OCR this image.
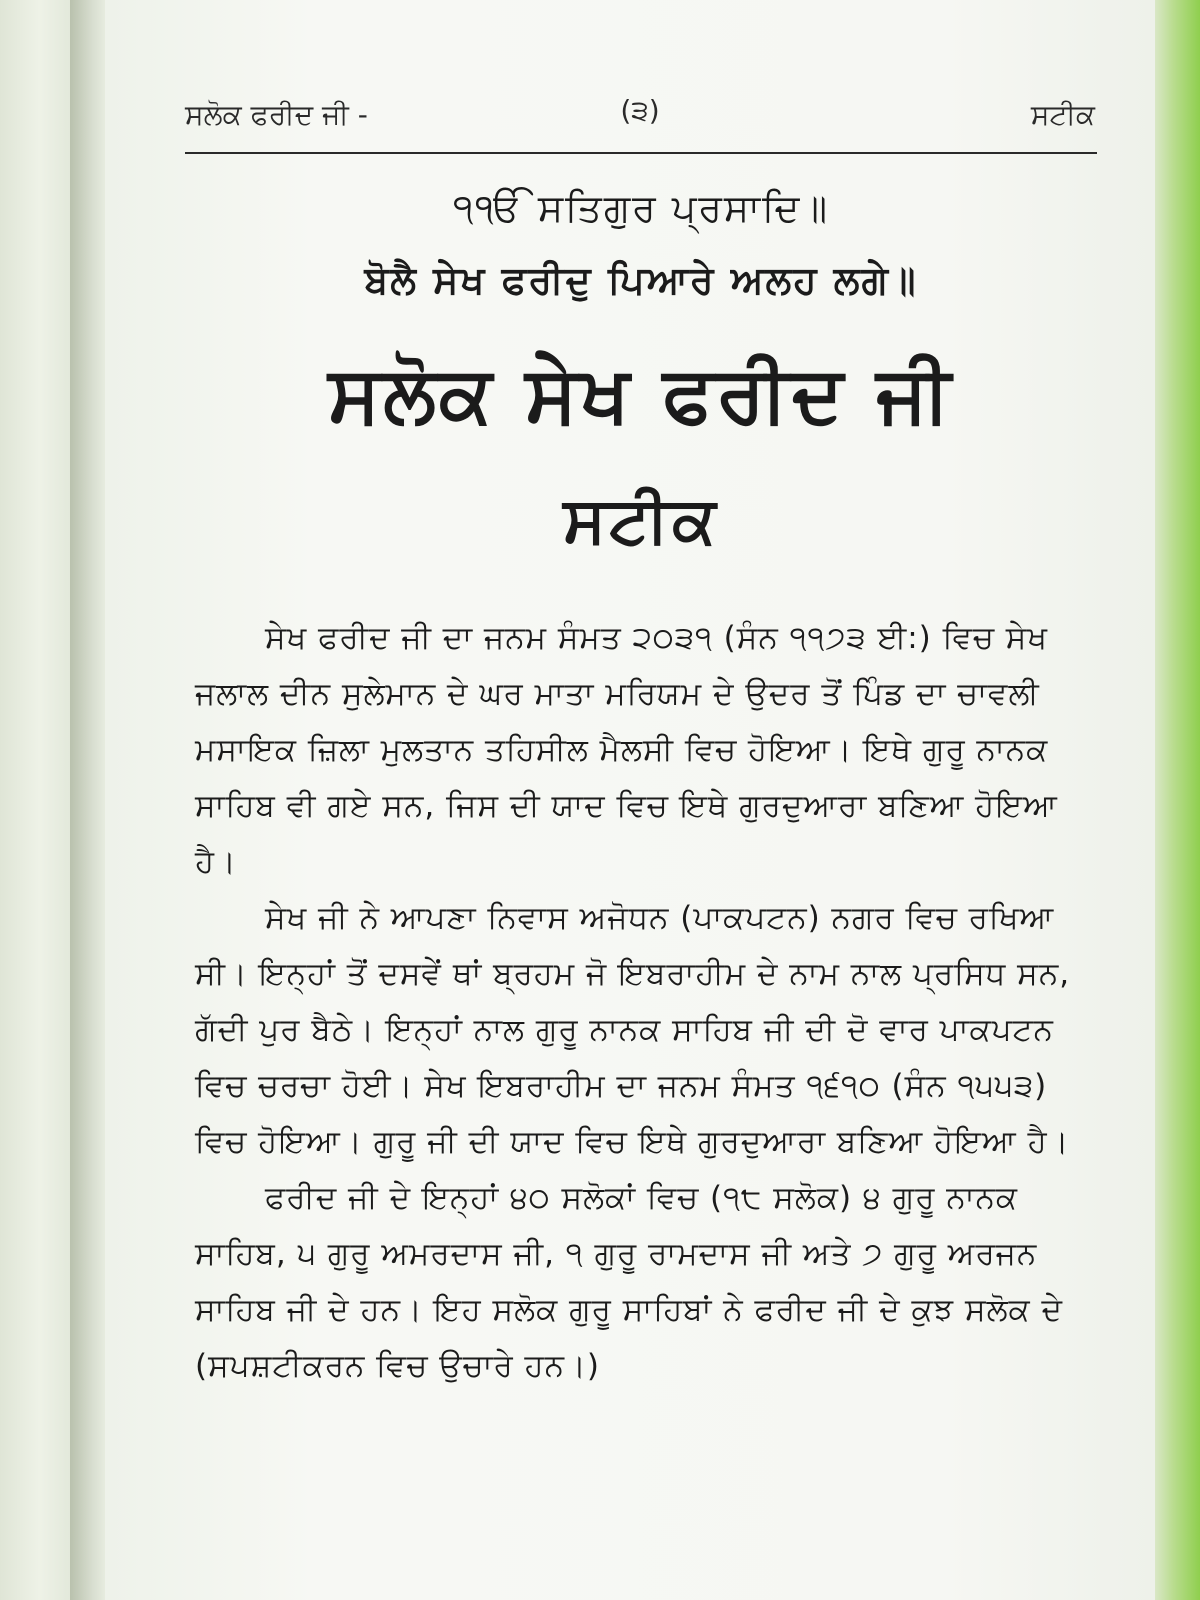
ਸਲੋਕ ਫਰੀਦ ਜੀ -	(੩)	ਸਟੀਕ
੧ੴ ਸਤਿਗੁਰ ਪ੍ਰਸਾਦਿ॥
ਬੋਲੈ ਸੇਖ ਫਰੀਦੁ ਪਿਆਰੇ ਅਲਹ ਲਗੇ॥
ਸਲੋਕ ਸੇਖ ਫਰੀਦ ਜੀ
ਸਟੀਕ

ਸੇਖ ਫਰੀਦ ਜੀ ਦਾ ਜਨਮ ਸੰਮਤ ੨੦੩੧ (ਸੰਨ ੧੧੭੩ ਈ:) ਵਿਚ ਸੇਖ ਜਲਾਲ ਦੀਨ ਸੁਲੇਮਾਨ ਦੇ ਘਰ ਮਾਤਾ ਮਰਿਯਮ ਦੇ ਉਦਰ ਤੋਂ ਪਿੰਡ ਦਾ ਚਾਵਲੀ ਮਸਾਇਕ ਜ਼ਿਲਾ ਮੁਲਤਾਨ ਤਹਿਸੀਲ ਮੈਲਸੀ ਵਿਚ ਹੋਇਆ। ਇਥੇ ਗੁਰੂ ਨਾਨਕ ਸਾਹਿਬ ਵੀ ਗਏ ਸਨ, ਜਿਸ ਦੀ ਯਾਦ ਵਿਚ ਇਥੇ ਗੁਰਦੁਆਰਾ ਬਣਿਆ ਹੋਇਆ ਹੈ।

ਸੇਖ ਜੀ ਨੇ ਆਪਣਾ ਨਿਵਾਸ ਅਜੋਧਨ (ਪਾਕਪਟਨ) ਨਗਰ ਵਿਚ ਰਖਿਆ ਸੀ। ਇਨ੍ਹਾਂ ਤੋਂ ਦਸਵੇਂ ਥਾਂ ਬ੍ਰਹਮ ਜੋ ਇਬਰਾਹੀਮ ਦੇ ਨਾਮ ਨਾਲ ਪ੍ਰਸਿਧ ਸਨ, ਗੱਦੀ ਪੁਰ ਬੈਠੇ। ਇਨ੍ਹਾਂ ਨਾਲ ਗੁਰੂ ਨਾਨਕ ਸਾਹਿਬ ਜੀ ਦੀ ਦੋ ਵਾਰ ਪਾਕਪਟਨ ਵਿਚ ਚਰਚਾ ਹੋਈ। ਸੇਖ ਇਬਰਾਹੀਮ ਦਾ ਜਨਮ ਸੰਮਤ ੧੬੧੦ (ਸੰਨ ੧੫੫੩) ਵਿਚ ਹੋਇਆ। ਗੁਰੂ ਜੀ ਦੀ ਯਾਦ ਵਿਚ ਇਥੇ ਗੁਰਦੁਆਰਾ ਬਣਿਆ ਹੋਇਆ ਹੈ।

ਫਰੀਦ ਜੀ ਦੇ ਇਨ੍ਹਾਂ ੪੦ ਸਲੋਕਾਂ ਵਿਚ (੧੮ ਸਲੋਕ) ੪ ਗੁਰੂ ਨਾਨਕ ਸਾਹਿਬ, ੫ ਗੁਰੂ ਅਮਰਦਾਸ ਜੀ, ੧ ਗੁਰੂ ਰਾਮਦਾਸ ਜੀ ਅਤੇ ੭ ਗੁਰੂ ਅਰਜਨ ਸਾਹਿਬ ਜੀ ਦੇ ਹਨ। ਇਹ ਸਲੋਕ ਗੁਰੂ ਸਾਹਿਬਾਂ ਨੇ ਫਰੀਦ ਜੀ ਦੇ ਕੁਝ ਸਲੋਕ ਦੇ (ਸਪਸ਼ਟੀਕਰਨ ਵਿਚ ਉਚਾਰੇ ਹਨ।)
